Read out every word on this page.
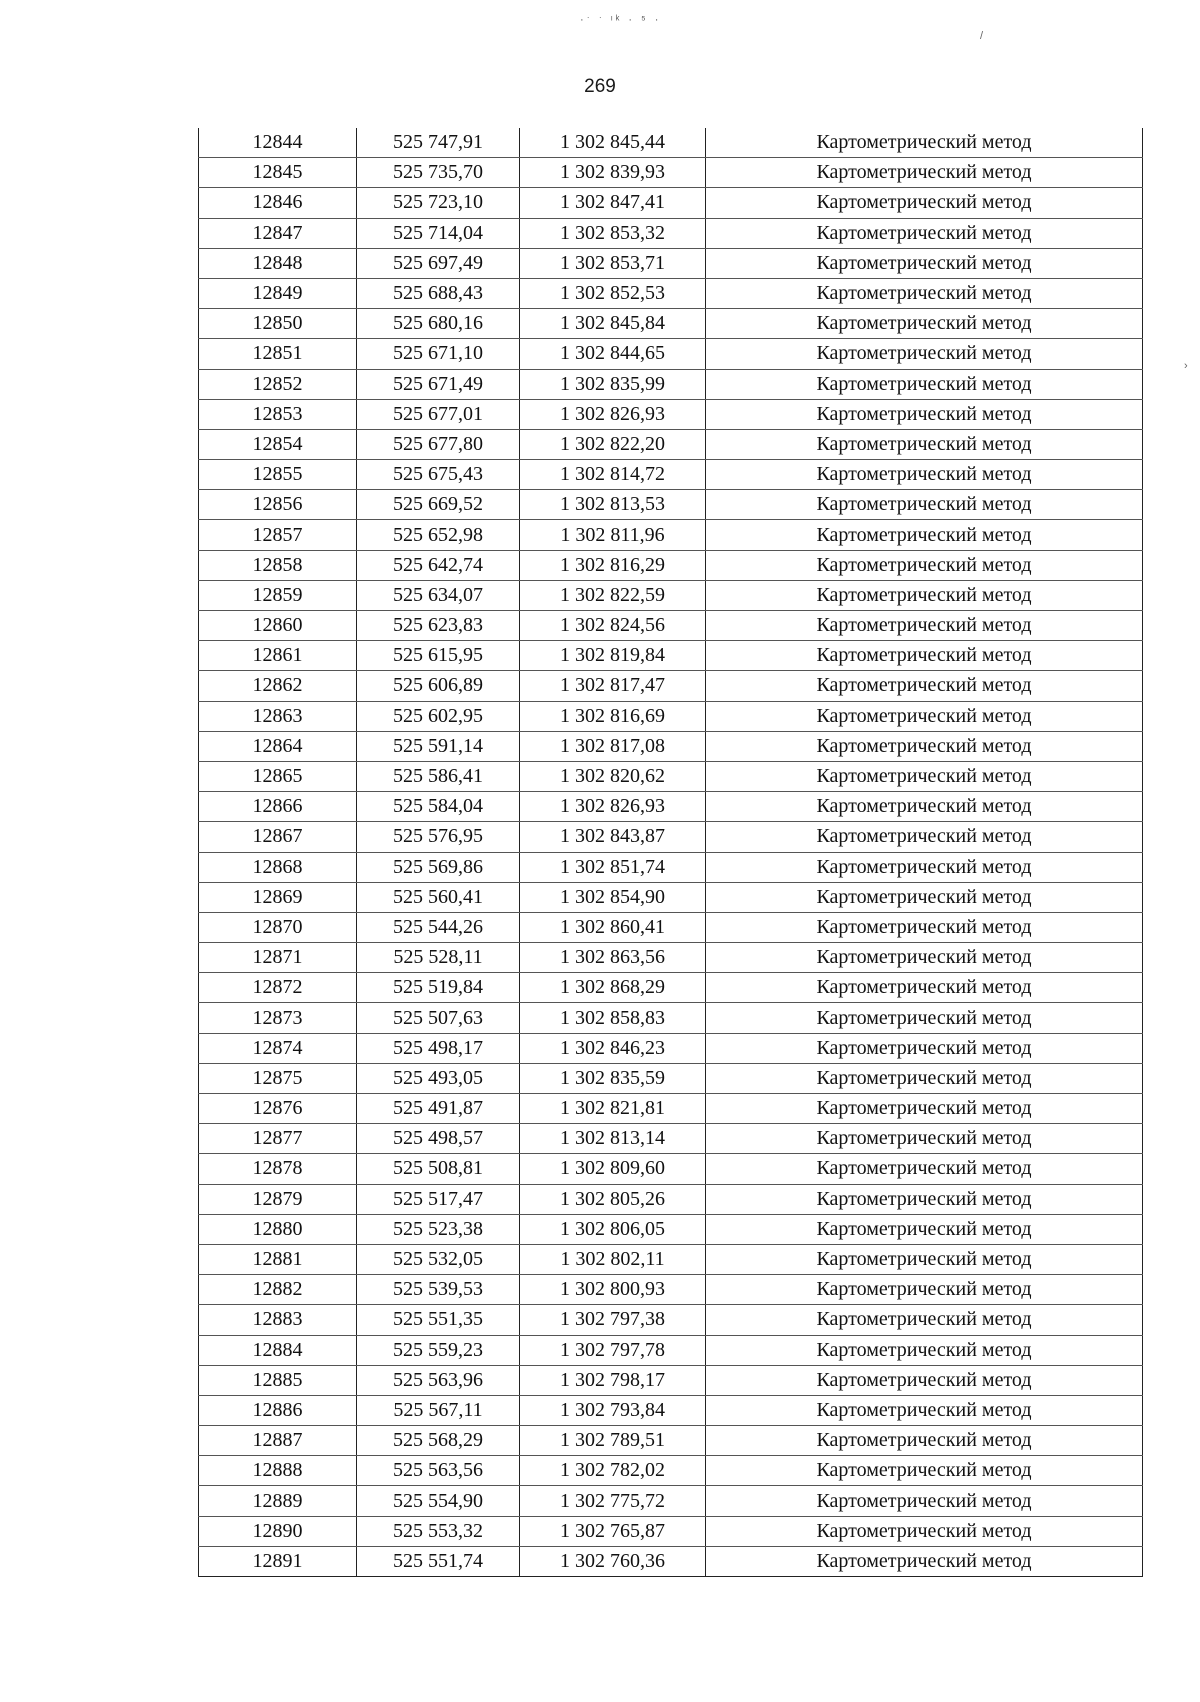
·ˑ ˑ ᶦᵏ · ⁵ ·
/
›
269
12844	525 747,91	1 302 845,44	Картометрический метод
12845	525 735,70	1 302 839,93	Картометрический метод
12846	525 723,10	1 302 847,41	Картометрический метод
12847	525 714,04	1 302 853,32	Картометрический метод
12848	525 697,49	1 302 853,71	Картометрический метод
12849	525 688,43	1 302 852,53	Картометрический метод
12850	525 680,16	1 302 845,84	Картометрический метод
12851	525 671,10	1 302 844,65	Картометрический метод
12852	525 671,49	1 302 835,99	Картометрический метод
12853	525 677,01	1 302 826,93	Картометрический метод
12854	525 677,80	1 302 822,20	Картометрический метод
12855	525 675,43	1 302 814,72	Картометрический метод
12856	525 669,52	1 302 813,53	Картометрический метод
12857	525 652,98	1 302 811,96	Картометрический метод
12858	525 642,74	1 302 816,29	Картометрический метод
12859	525 634,07	1 302 822,59	Картометрический метод
12860	525 623,83	1 302 824,56	Картометрический метод
12861	525 615,95	1 302 819,84	Картометрический метод
12862	525 606,89	1 302 817,47	Картометрический метод
12863	525 602,95	1 302 816,69	Картометрический метод
12864	525 591,14	1 302 817,08	Картометрический метод
12865	525 586,41	1 302 820,62	Картометрический метод
12866	525 584,04	1 302 826,93	Картометрический метод
12867	525 576,95	1 302 843,87	Картометрический метод
12868	525 569,86	1 302 851,74	Картометрический метод
12869	525 560,41	1 302 854,90	Картометрический метод
12870	525 544,26	1 302 860,41	Картометрический метод
12871	525 528,11	1 302 863,56	Картометрический метод
12872	525 519,84	1 302 868,29	Картометрический метод
12873	525 507,63	1 302 858,83	Картометрический метод
12874	525 498,17	1 302 846,23	Картометрический метод
12875	525 493,05	1 302 835,59	Картометрический метод
12876	525 491,87	1 302 821,81	Картометрический метод
12877	525 498,57	1 302 813,14	Картометрический метод
12878	525 508,81	1 302 809,60	Картометрический метод
12879	525 517,47	1 302 805,26	Картометрический метод
12880	525 523,38	1 302 806,05	Картометрический метод
12881	525 532,05	1 302 802,11	Картометрический метод
12882	525 539,53	1 302 800,93	Картометрический метод
12883	525 551,35	1 302 797,38	Картометрический метод
12884	525 559,23	1 302 797,78	Картометрический метод
12885	525 563,96	1 302 798,17	Картометрический метод
12886	525 567,11	1 302 793,84	Картометрический метод
12887	525 568,29	1 302 789,51	Картометрический метод
12888	525 563,56	1 302 782,02	Картометрический метод
12889	525 554,90	1 302 775,72	Картометрический метод
12890	525 553,32	1 302 765,87	Картометрический метод
12891	525 551,74	1 302 760,36	Картометрический метод
